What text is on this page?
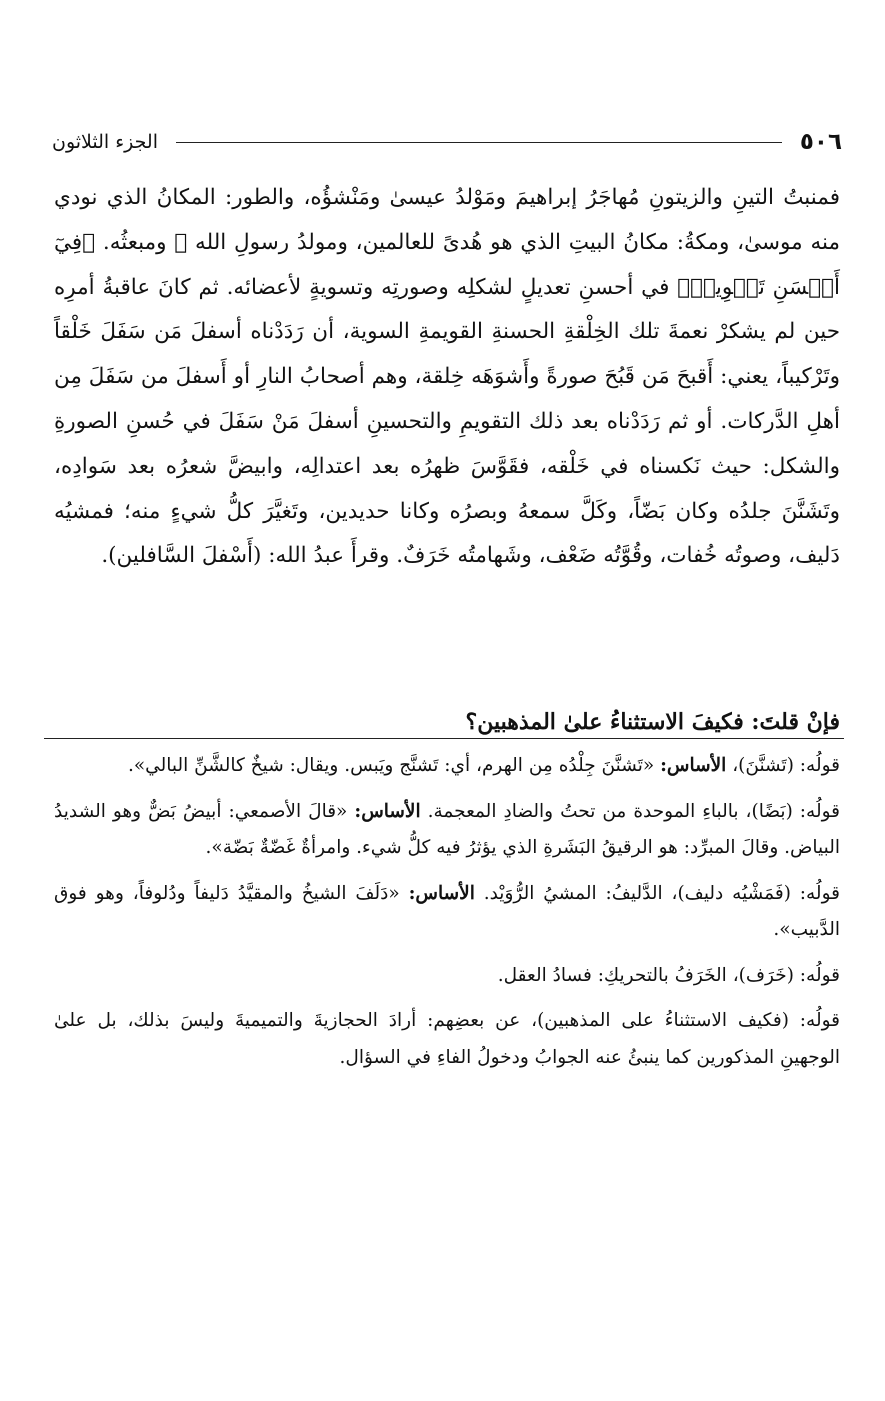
٥٠٦
الجزء الثلاثون

فمنبتُ التينِ والزيتونِ مُهاجَرُ إبراهيمَ ومَوْلدُ عيسىٰ ومَنْشؤُه، والطور: المكانُ الذي نودي منه موسىٰ، ومكةُ: مكانُ البيتِ الذي هو هُدىً للعالمين، ومولدُ رسولِ الله ﷺ ومبعثُه. ﴿فِيٓ أَحۡسَنِ تَقۡوِيمٖ﴾ في أحسنِ تعديلٍ لشكلِه وصورتِه وتسويةٍ لأعضائه. ثم كانَ عاقبةُ أمرِه حين لم يشكرْ نعمةَ تلك الخِلْقةِ الحسنةِ القويمةِ السوية، أن رَدَدْناه أسفلَ مَن سَفَلَ خَلْقاً وتَرْكيباً، يعني: أَقبحَ مَن قَبُحَ صورةً وأَشوَهَه خِلقة، وهم أصحابُ النارِ أو أَسفلَ من سَفَلَ مِن أهلِ الدَّركات. أو ثم رَدَدْناه بعد ذلك التقويمِ والتحسينِ أسفلَ مَنْ سَفَلَ في حُسنِ الصورةِ والشكل: حيث نَكسناه في خَلْقه، فقَوَّسَ ظهرُه بعد اعتدالِه، وابيضَّ شعرُه بعد سَوادِه، وتَشَنَّنَ جلدُه وكان بَضّاً، وكَلَّ سمعهُ وبصرُه وكانا حديدين، وتَغيَّرَ كلُّ شيءٍ منه؛ فمشيُه دَليف، وصوتُه خُفات، وقُوَّتُه ضَعْف، وشَهامتُه خَرَفٌ. وقرأَ عبدُ الله: (أَسْفلَ السَّافلين).

فإنْ قلتَ: فكيفَ الاستثناءُ علىٰ المذهبين؟

قولُه: (تَشنَّنَ)، الأساس: «تَشنَّنَ جِلْدُه مِن الهرم، أي: تَشنَّج ويَبس. ويقال: شيخٌ كالشَّنِّ البالي».

قولُه: (بَضًا)، بالباءِ الموحدة من تحتُ والضادِ المعجمة. الأساس: «قالَ الأصمعي: أبيضُ بَضٌّ وهو الشديدُ البياض. وقالَ المبرِّد: هو الرقيقُ البَشَرةِ الذي يؤثرُ فيه كلُّ شيء. وامرأةٌ غَضّةٌ بَضّة».

قولُه: (فَمَشْيُه دليف)، الدَّليفُ: المشيُ الرُّوَيْد. الأساس: «دَلَفَ الشيخُ والمقيَّدُ دَليفاً ودُلوفاً، وهو فوق الدَّبيب».

قولُه: (خَرَف)، الخَرَفُ بالتحريكِ: فسادُ العقل.

قولُه: (فكيف الاستثناءُ على المذهبين)، عن بعضِهم: أرادَ الحجازيةَ والتميميةَ وليسَ بذلك، بل علىٰ الوجهينِ المذكورين كما ينبئُ عنه الجوابُ ودخولُ الفاءِ في السؤال.
